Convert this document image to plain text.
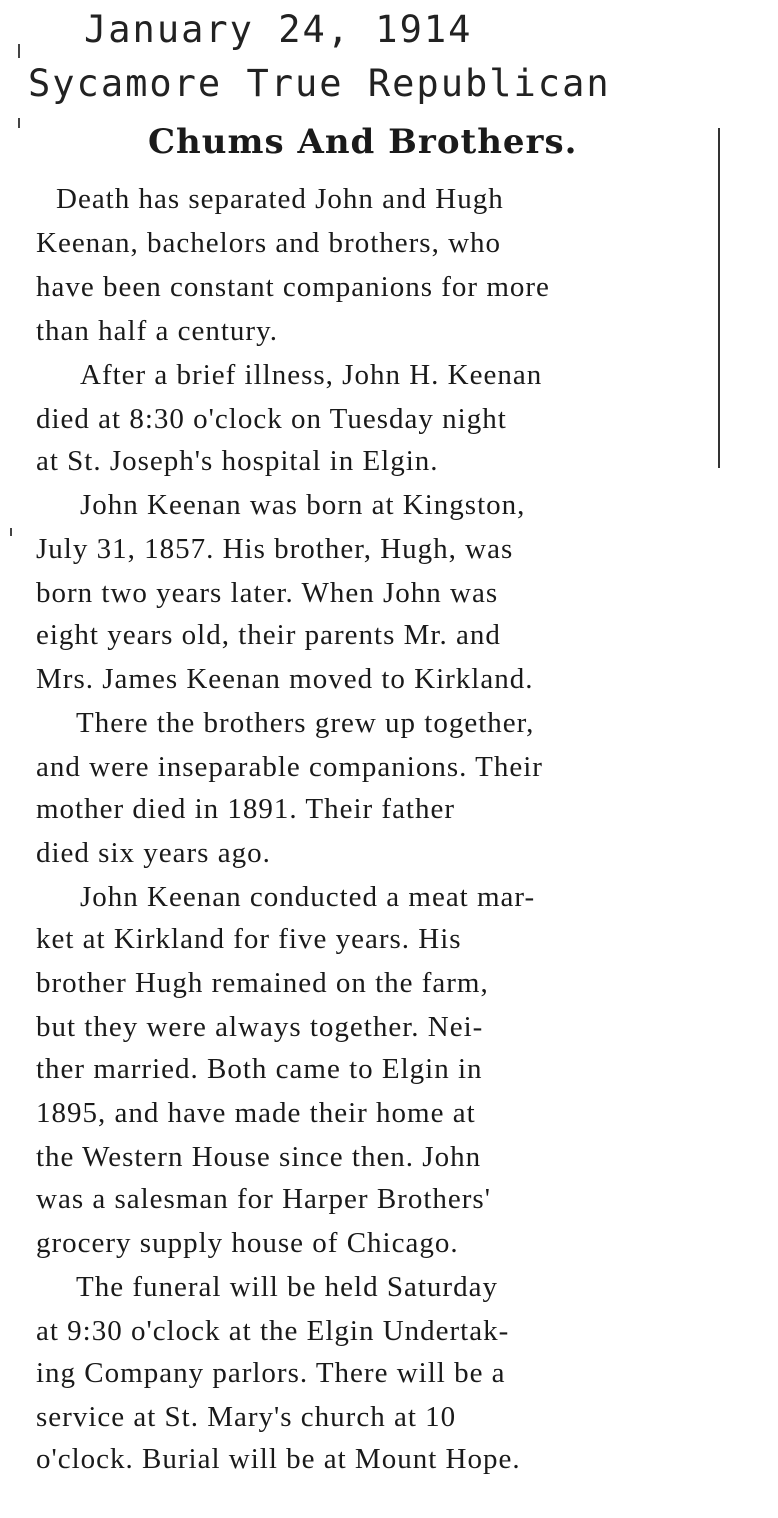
January 24, 1914
Sycamore True Republican
Chums And Brothers.
Death has separated John and Hugh
Keenan, bachelors and brothers, who
have been constant companions for more
than half a century.
After a brief illness, John H. Keenan
died at 8:30 o'clock on Tuesday night
at St. Joseph's hospital in Elgin.
John Keenan was born at Kingston,
July 31, 1857. His brother, Hugh, was
born two years later. When John was
eight years old, their parents Mr. and
Mrs. James Keenan moved to Kirkland.
There the brothers grew up together,
and were inseparable companions. Their
mother died in 1891. Their father
died six years ago.
John Keenan conducted a meat mar-
ket at Kirkland for five years. His
brother Hugh remained on the farm,
but they were always together. Nei-
ther married. Both came to Elgin in
1895, and have made their home at
the Western House since then. John
was a salesman for Harper Brothers'
grocery supply house of Chicago.
The funeral will be held Saturday
at 9:30 o'clock at the Elgin Undertak-
ing Company parlors. There will be a
service at St. Mary's church at 10
o'clock. Burial will be at Mount Hope.
